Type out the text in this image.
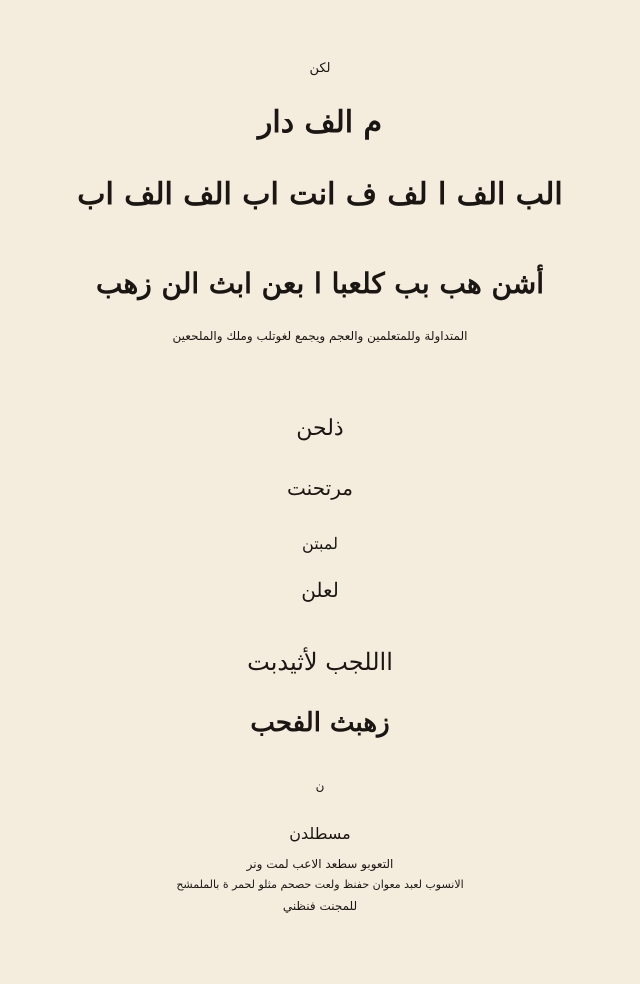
لكن
م الف دار
الب الف ا لف ف انت اب الف الف اب
أشن هب بب كلعبا ا بعن ابث الن زهب
المتداولة وللمتعلمين والعجم ويجمع لغوتلب وملك والملحعين
ذلحن
مرتحنت
لمبتن
لعلن
االلجب لأثيدبت
زهبث الفحب
ن
مسطلدن
التعوبو سطعد الاعب لمت ونر
الانسوب لعبد معوان حفنظ ولعت حصحم مثلو لحمر ة بالملمشح
للمجنت فنظني
